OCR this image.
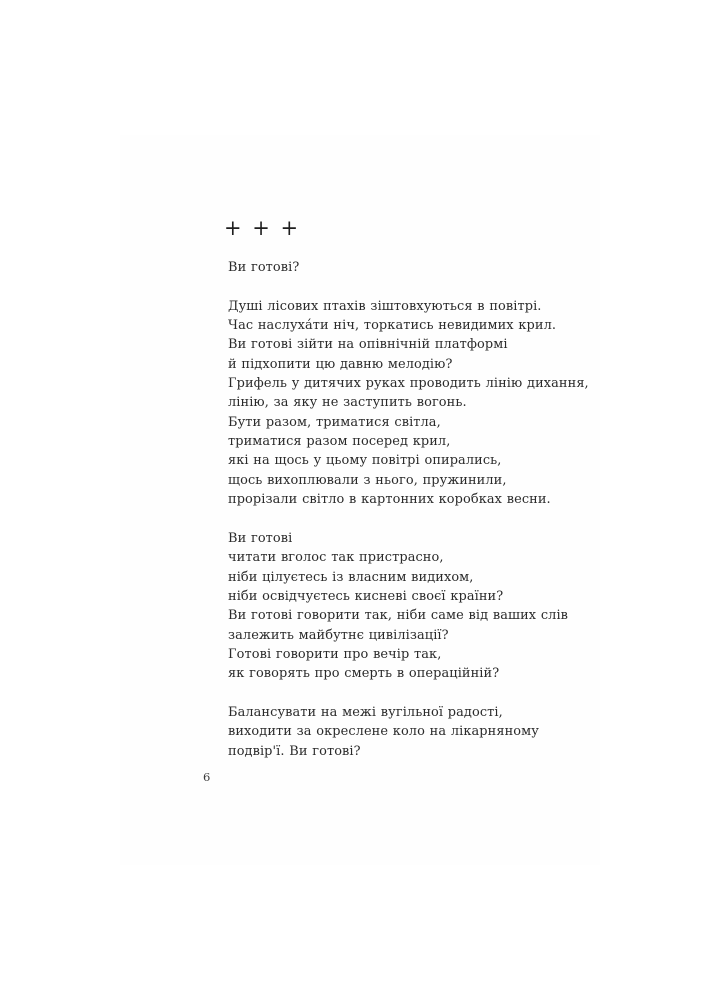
+ + +
Ви готові?
Душі лісових птахів зіштовхуються в повітрі.
Час наслуха́ти ніч, торкатись невидимих крил.
Ви готові зійти на опівнічній платформі
й підхопити цю давню мелодію?
Грифель у дитячих руках проводить лінію дихання,
лінію, за яку не заступить вогонь.
Бути разом, триматися світла,
триматися разом посеред крил,
які на щось у цьому повітрі опирались,
щось вихоплювали з нього, пружинили,
прорізали світло в картонних коробках весни.
Ви готові
читати вголос так пристрасно,
ніби цілуєтесь із власним видихом,
ніби освідчуєтесь кисневі своєї країни?
Ви готові говорити так, ніби саме від ваших слів
залежить майбутнє цивілізації?
Готові говорити про вечір так,
як говорять про смерть в операційній?
Балансувати на межі вугільної радості,
виходити за окреслене коло на лікарняному
подвір'ї. Ви готові?
6
